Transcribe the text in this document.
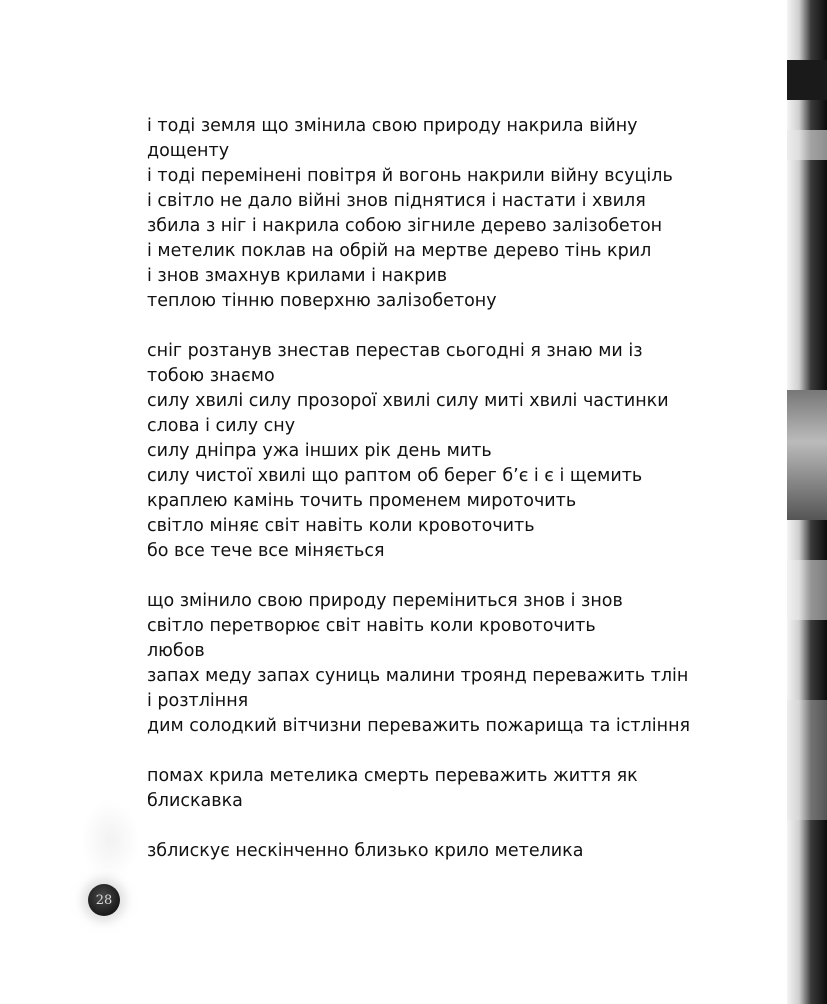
і тоді земля що змінила свою природу накрила війну
дощенту
і тоді перемінені повітря й вогонь накрили війну всуціль
і світло не дало війні знов піднятися і настати і хвиля
збила з ніг і накрила собою зігниле дерево залізобетон
і метелик поклав на обрій на мертве дерево тінь крил
і знов змахнув крилами і накрив
теплою тінню поверхню залізобетону
сніг розтанув знестав перестав сьогодні я знаю ми із
тобою знаємо
силу хвилі силу прозорої хвилі силу миті хвилі частинки
слова і силу сну
силу дніпра ужа інших рік день мить
силу чистої хвилі що раптом об берег б’є і є і щемить
краплею камінь точить променем мироточить
світло міняє світ навіть коли кровоточить
бо все тече все міняється
що змінило свою природу переміниться знов і знов
світло перетворює світ навіть коли кровоточить
любов
запах меду запах суниць малини троянд переважить тлін
і розтління
дим солодкий вітчизни переважить пожарища та істління
помах крила метелика смерть переважить життя як
блискавка
зблискує нескінченно близько крило метелика
28
